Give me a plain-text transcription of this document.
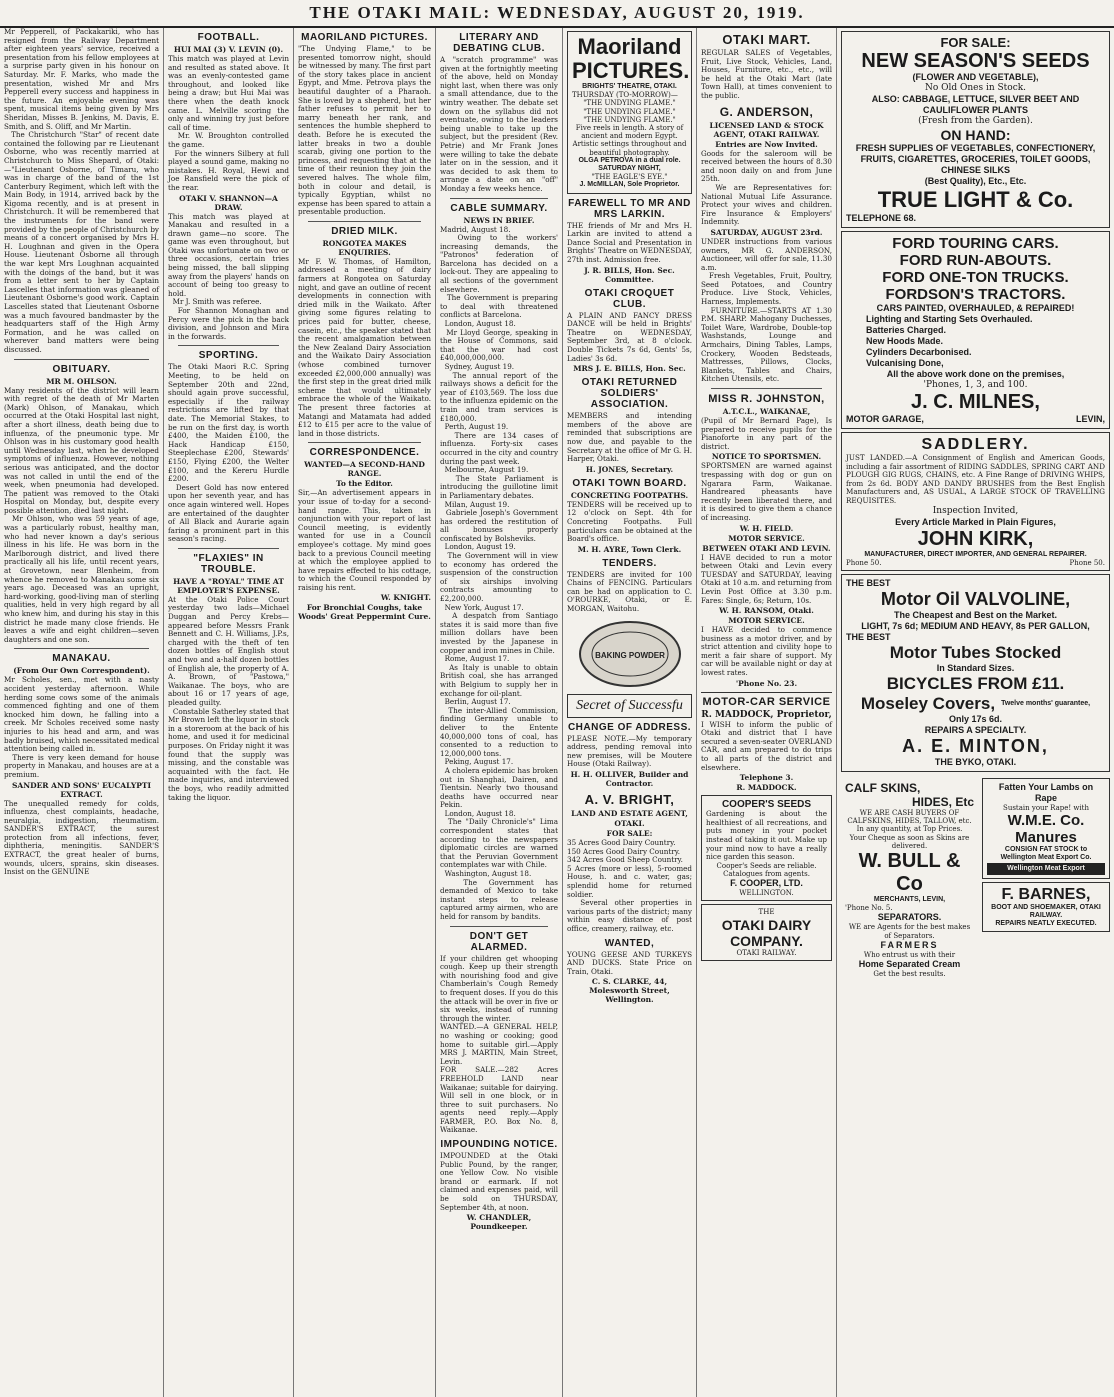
THE OTAKI MAIL: WEDNESDAY, AUGUST 20, 1919.

Mr Pepperell, of Packakariki, who has resigned from the Railway Department after eighteen years' service, received a presentation from his fellow employees at a surprise party given in his honour on Saturday. Mr. F. Marks, who made the presentation, wished Mr and Mrs Pepperell every success and happiness in the future. An enjoyable evening was spent, musical items being given by Mrs Sheridan, Misses B. Jenkins, M. Davis, E. Smith, and S. Oliff, and Mr Martin.
The Christchurch "Star" of recent date contained the following par re Lieutenant Osborne, who was recently married at Christchurch to Miss Shepard, of Otaki:—"Lieutenant Osborne, of Timaru, who was in charge of the band of the 1st Canterbury Regiment, which left with the Main Body, in 1914, arrived back by the Kigoma recently, and is at present in Christchurch. It will be remembered that the instruments for the band were provided by the people of Christchurch by means of a concert organised by Mrs H. H. Loughnan and given in the Opera House. Lieutenant Osborne all through the war kept Mrs Loughnan acquainted with the doings of the band, but it was from a letter sent to her by Captain Lascelles that information was gleaned of Lieutenant Osborne's good work. Captain Lascelles stated that Lieutenant Osborne was a much favoured bandmaster by the headquarters staff of the High Army Formation, and he was called on wherever band matters were being discussed.

OBITUARY.
MR M. OHLSON.

Many residents of the district will learn with regret of the death of Mr Marten (Mark) Ohlson, of Manakau, which occurred at the Otaki Hospital last night, after a short illness, death being due to influenza, of the pneumonic type. Mr Ohlson was in his customary good health until Wednesday last, when he developed symptoms of influenza. However, nothing serious was anticipated, and the doctor was not called in until the end of the week, when pneumonia had developed. The patient was removed to the Otaki Hospital on Monday, but, despite every possible attention, died last night.
Mr Ohlson, who was 59 years of age, was a particularly robust, healthy man, who had never known a day's serious illness in his life. He was born in the Marlborough district, and lived there practically all his life, until recent years, at Grovetown, near Blenheim, from whence he removed to Manakau some six years ago. Deceased was an upright, hard-working, good-living man of sterling qualities, held in very high regard by all who knew him, and during his stay in this district he made many close friends. He leaves a wife and eight children—seven daughters and one son.

MANAKAU.
(From Our Own Correspondent).

Mr Scholes, sen., met with a nasty accident yesterday afternoon. While herding some cows some of the animals commenced fighting and one of them knocked him down, he falling into a creek. Mr Scholes received some nasty injuries to his head and arm, and was badly bruised, which necessitated medical attention being called in.
There is very keen demand for house property in Manakau, and houses are at a premium.

SANDER AND SONS' EUCALYPTI EXTRACT.

The unequalled remedy for colds, influenza, chest complaints, headache, neuralgia, indigestion, rheumatism. SANDER'S EXTRACT, the surest protection from all infections, fever, diphtheria, meningitis. SANDER'S EXTRACT, the great healer of burns, wounds, ulcers, sprains, skin diseases. Insist on the GENUINE

FOOTBALL.
HUI MAI (3) V. LEVIN (0).

This match was played at Levin and resulted as stated above. It was an evenly-contested game throughout, and looked like being a draw; but Hui Mai was there when the death knock came. L. Melville scoring the only and winning try just before call of time.
Mr. W. Broughton controlled the game.
For the winners Silbery at full played a sound game, making no mistakes. H. Royal, Hewi and Joe Ransfield were the pick of the rear.

OTAKI V. SHANNON—A DRAW.

This match was played at Manakau and resulted in a drawn game—no score. The game was even throughout, but Otaki was unfortunate on two or three occasions, certain tries being missed, the ball slipping away from the players' hands on account of being too greasy to hold.
Mr J. Smith was referee.
For Shannon Monaghan and Percy were the pick in the back division, and Johnson and Mira in the forwards.

SPORTING.

The Otaki Maori R.C. Spring Meeting, to be held on September 20th and 22nd, should again prove successful, especially if the railway restrictions are lifted by that date. The Memorial Stakes, to be run on the first day, is worth £400, the Maiden £100, the Hack Handicap £150, Steeplechase £200, Stewards' £150, Flying £200, the Welter £100, and the Kereru Hurdle £200.
Desert Gold has now entered upon her seventh year, and has once again wintered well. Hopes are entertained of the daughter of All Black and Aurarie again faring a prominent part in this season's racing.

"FLAXIES" IN TROUBLE.
HAVE A "ROYAL" TIME AT EMPLOYER'S EXPENSE.

At the Otaki Police Court yesterday two lads—Michael Duggan and Percy Krebs—appeared before Messrs Frank Bennett and C. H. Williams, J.P.s, charged with the theft of ten dozen bottles of English stout and two and a-half dozen bottles of English ale, the property of A. A. Brown, of "Pastowa," Waikanae. The boys, who are about 16 or 17 years of age, pleaded guilty.
Constable Satherley stated that Mr Brown left the liquor in stock in a storeroom at the back of his home, and used it for medicinal purposes. On Friday night it was found that the supply was missing, and the constable was acquainted with the fact. He made inquiries, and interviewed the boys, who readily admitted taking the liquor.

MAORILAND PICTURES.

"The Undying Flame," to be presented tomorrow night, should be witnessed by many. The first part of the story takes place in ancient Egypt, and Mme. Petrova plays the beautiful daughter of a Pharaoh. She is loved by a shepherd, but her father refuses to permit her to marry beneath her rank, and sentences the humble shepherd to death. Before he is executed the latter breaks in two a double scarab, giving one portion to the princess, and requesting that at the time of their reunion they join the severed halves. The whole film, both in colour and detail, is typically Egyptian, whilst no expense has been spared to attain a presentable production.

DRIED MILK.
RONGOTEA MAKES ENQUIRIES.

Mr F. W. Thomas, of Hamilton, addressed a meeting of dairy farmers at Rongotea on Saturday night, and gave an outline of recent developments in connection with dried milk in the Waikato. After giving some figures relating to prices paid for butter, cheese, casein, etc., the speaker stated that the recent amalgamation between the New Zealand Dairy Association and the Waikato Dairy Association (whose combined turnover exceeded £2,000,000 annually) was the first step in the great dried milk scheme that would ultimately embrace the whole of the Waikato. The present three factories at Matangi and Matamata had added £12 to £15 per acre to the value of land in those districts.

CORRESPONDENCE.
WANTED—A SECOND-HAND RANGE.
To the Editor.

Sir,—An advertisement appears in your issue of to-day for a second-hand range. This, taken in conjunction with your report of last Council meeting, is evidently wanted for use in a Council employee's cottage. My mind goes back to a previous Council meeting at which the employee applied to have repairs effected to his cottage, to which the Council responded by raising his rent.

W. KNIGHT.
For Bronchial Coughs, take Woods' Great Peppermint Cure.
LITERARY AND DEBATING CLUB.

A "scratch programme" was given at the fortnightly meeting of the above, held on Monday night last, when there was only a small attendance, due to the wintry weather. The debate set down on the syllabus did not eventuate, owing to the leaders being unable to take up the subject, but the president (Rev. Petrie) and Mr Frank Jones were willing to take the debate later on in the session, and it was decided to ask them to arrange a date on an "off" Monday a few weeks hence.

CABLE SUMMARY.
NEWS IN BRIEF.

Madrid, August 18.
Owing to the workers' increasing demands, the "Patronos" federation of Barcelona has decided on a lock-out. They are appealing to all sections of the government elsewhere.
The Government is preparing to deal with threatened conflicts at Barcelona.
London, August 18.
Mr Lloyd George, speaking in the House of Commons, said that the war had cost £40,000,000,000.
Sydney, August 19.
The annual report of the railways shows a deficit for the year of £103,569. The loss due to the influenza epidemic on the train and tram services is £180,000.
Perth, August 19.
There are 134 cases of influenza. Forty-six cases occurred in the city and country during the past week.
Melbourne, August 19.
The State Parliament is introducing the guillotine limit in Parliamentary debates.
Milan, August 19.
Gabriele Joseph's Government has ordered the restitution of all bonuses properly confiscated by Bolsheviks.
London, August 19.
The Government will in view to economy has ordered the suspension of the construction of six airships involving contracts amounting to £2,200,000.
New York, August 17.
A despatch from Santiago states it is said more than five million dollars have been invested by the Japanese in copper and iron mines in Chile.
Rome, August 17.
As Italy is unable to obtain British coal, she has arranged with Belgium to supply her in exchange for oil-plant.
Berlin, August 17.
The inter-Allied Commission, finding Germany unable to deliver to the Entente 40,000,000 tons of coal, has consented to a reduction to 12,000,000 tons.
Peking, August 17.
A cholera epidemic has broken out in Shanghai, Dairen, and Tientsin. Nearly two thousand deaths have occurred near Pekin.
London, August 18.
The "Daily Chronicle's" Lima correspondent states that according to the newspapers diplomatic circles are warned that the Peruvian Government contemplates war with Chile.
Washington, August 18.
The Government has demanded of Mexico to take instant steps to release captured army airmen, who are held for ransom by bandits.

DON'T GET ALARMED.

If your children get whooping cough. Keep up their strength with nourishing food and give Chamberlain's Cough Remedy to frequent doses. If you do this the attack will be over in five or six weeks, instead of running through the winter.

WANTED.—A GENERAL HELP, no washing or cooking; good home to suitable girl.—Apply MRS J. MARTIN, Main Street, Levin.

FOR SALE.—282 Acres FREEHOLD LAND near Waikanae; suitable for dairying. Will sell in one block, or in three to suit purchasers. No agents need reply.—Apply FARMER, P.O. Box No. 8, Waikanae.

IMPOUNDING NOTICE.

IMPOUNDED at the Otaki Public Pound, by the ranger, one Yellow Cow. No visible brand or earmark. If not claimed and expenses paid, will be sold on THURSDAY, September 4th, at noon.

W. CHANDLER, Poundkeeper.
Maoriland
PICTURES.
BRIGHTS' THEATRE, OTAKI.
THURSDAY (TO-MORROW)—
"THE UNDYING FLAME."
"THE UNDYING FLAME."
"THE UNDYING FLAME."
Five reels in length. A story of ancient and modern Egypt. Artistic settings throughout and beautiful photography.
OLGA PETROVA in a dual role.
SATURDAY NIGHT,
"THE EAGLE'S EYE."
J. McMILLAN, Sole Proprietor.
FAREWELL TO MR AND MRS LARKIN.

THE friends of Mr and Mrs H. Larkin are invited to attend a Dance Social and Presentation in Brights' Theatre on WEDNESDAY, 27th inst. Admission free.

J. R. BILLS, Hon. Sec. Committee.
OTAKI CROQUET CLUB.

A PLAIN AND FANCY DRESS DANCE will be held in Brights' Theatre on WEDNESDAY, September 3rd, at 8 o'clock. Double Tickets 7s 6d, Gents' 5s, Ladies' 3s 6d.

MRS J. E. BILLS, Hon. Sec.
OTAKI RETURNED SOLDIERS' ASSOCIATION.

MEMBERS and intending members of the above are reminded that subscriptions are now due, and payable to the Secretary at the office of Mr G. H. Harper, Otaki.

H. JONES, Secretary.
OTAKI TOWN BOARD.
CONCRETING FOOTPATHS.

TENDERS will be received up to 12 o'clock on Sept. 4th for Concreting Footpaths. Full particulars can be obtained at the Board's office.

M. H. AYRE, Town Clerk.
TENDERS.

TENDERS are invited for 100 Chains of FENCING. Particulars can be had on application to C. O'ROURKE, Otaki, or E. MORGAN, Waitohu.

BAKING POWDER
Secret of Successfu
CHANGE OF ADDRESS.

PLEASE NOTE.—My temporary address, pending removal into new premises, will be Moutere House (Otaki Railway).

H. H. OLLIVER, Builder and Contractor.
A. V. BRIGHT,
LAND AND ESTATE AGENT,
OTAKI.
FOR SALE:

35 Acres Good Dairy Country.
150 Acres Good Dairy Country.
342 Acres Good Sheep Country.
5 Acres (more or less), 5-roomed House, h. and c. water, gas; splendid home for returned soldier.
Several other properties in various parts of the district; many within easy distance of post office, creamery, railway, etc.

WANTED,

YOUNG GEESE AND TURKEYS AND DUCKS. State Price on Train, Otaki.

C. S. CLARKE, 44, Molesworth Street, Wellington.
OTAKI MART.

REGULAR SALES of Vegetables, Fruit, Live Stock, Vehicles, Land, Houses, Furniture, etc., etc., will be held at the Otaki Mart (late Town Hall), at times convenient to the public.

G. ANDERSON,
LICENSED LAND & STOCK AGENT, OTAKI RAILWAY.
Entries are Now Invited.

Goods for the saleroom will be received between the hours of 8.30 and noon daily on and from June 25th.
We are Representatives for: National Mutual Life Assurance. Protect your wives and children. Fire Insurance & Employers' Indemnity.

SATURDAY, AUGUST 23rd.

UNDER instructions from various owners, MR G. ANDERSON, Auctioneer, will offer for sale, 11.30 a.m.
Fresh Vegetables, Fruit, Poultry, Seed Potatoes, and Country Produce. Live Stock, Vehicles, Harness, Implements.
FURNITURE.—STARTS AT 1.30 P.M. SHARP. Mahogany Duchesses, Toilet Ware, Wardrobe, Double-top Washstands, Lounge and Armchairs, Dining Tables, Lamps, Crockery, Wooden Bedsteads, Mattresses, Pillows, Clocks, Blankets, Tables and Chairs, Kitchen Utensils, etc.

MISS R. JOHNSTON,
A.T.C.L., WAIKANAE,

(Pupil of Mr Bernard Page), Is prepared to receive pupils for the Pianoforte in any part of the district.

NOTICE TO SPORTSMEN.

SPORTSMEN are warned against trespassing with dog or gun on Ngarara Farm, Waikanae. Handreared pheasants have recently been liberated there, and it is desired to give them a chance of increasing.

W. H. FIELD.
MOTOR SERVICE.
BETWEEN OTAKI AND LEVIN.

I HAVE decided to run a motor between Otaki and Levin every TUESDAY and SATURDAY, leaving Otaki at 10 a.m. and returning from Levin Post Office at 3.30 p.m. Fares: Single, 6s; Return, 10s.

W. H. RANSOM, Otaki.
MOTOR SERVICE.

I HAVE decided to commence business as a motor driver, and by strict attention and civility hope to merit a fair share of support. My car will be available night or day at lowest rates.

'Phone No. 23.
MOTOR-CAR SERVICE
R. MADDOCK, Proprietor,

I WISH to inform the public of Otaki and district that I have secured a seven-seater OVERLAND CAR, and am prepared to do trips to all parts of the district and elsewhere.

Telephone 3.
R. MADDOCK.
COOPER'S SEEDS

Gardening is about the healthiest of all recreations, and puts money in your pocket instead of taking it out. Make up your mind now to have a really nice garden this season.

Cooper's Seeds are reliable. Catalogues from agents.
F. COOPER, LTD.
WELLINGTON.
THE
OTAKI DAIRY
COMPANY.
OTAKI RAILWAY.
FOR SALE:
NEW SEASON'S SEEDS
(FLOWER AND VEGETABLE),
No Old Ones in Stock.
ALSO: CABBAGE, LETTUCE, SILVER BEET AND CAULIFLOWER PLANTS
(Fresh from the Garden).
ON HAND:
FRESH SUPPLIES OF VEGETABLES, CONFECTIONERY, FRUITS, CIGARETTES, GROCERIES, TOILET GOODS, CHINESE SILKS
(Best Quality), Etc., Etc.
TRUE LIGHT & Co.
TELEPHONE 68.
FORD TOURING CARS.
FORD RUN-ABOUTS.
FORD ONE-TON TRUCKS.
FORDSON'S TRACTORS.
CARS PAINTED, OVERHAULED, & REPAIRED!
Lighting and Starting Sets Overhauled.
Batteries Charged.
New Hoods Made.
Cylinders Decarbonised.
Vulcanising Done,
All the above work done on the premises,
'Phones, 1, 3, and 100.
J. C. MILNES,
MOTOR GARAGE,	LEVIN,
SADDLERY.

JUST LANDED.—A Consignment of English and American Goods, including a fair assortment of RIDING SADDLES, SPRING CART AND PLOUGH GIG RUGS, CHAINS, etc. A Fine Range of DRIVING WHIPS, from 2s 6d. BODY AND DANDY BRUSHES from the Best English Manufacturers and, AS USUAL, A LARGE STOCK OF TRAVELLING REQUISITES.

Inspection Invited,
Every Article Marked in Plain Figures,
JOHN KIRK,
MANUFACTURER, DIRECT IMPORTER, AND GENERAL REPAIRER.
Phone 50.	Phone 50.
THE BEST
Motor Oil VALVOLINE,
The Cheapest and Best on the Market.
LIGHT, 7s 6d; MEDIUM AND HEAVY, 8s PER GALLON,
THE BEST
Motor Tubes Stocked
In Standard Sizes.
BICYCLES FROM £11.
Moseley Covers, Twelve months' guarantee,
Only 17s 6d.
REPAIRS A SPECIALTY.
A. E. MINTON,
THE BYKO, OTAKI.
CALF SKINS,
HIDES, Etc
WE ARE CASH BUYERS OF CALFSKINS, HIDES, TALLOW, etc. In any quantity, at Top Prices.
Your Cheque as soon as Skins are delivered.
W. BULL & Co
MERCHANTS, LEVIN,
'Phone No. 5.
SEPARATORS.
WE are Agents for the best makes of Separators.
FARMERS
Who entrust us with their
Home Separated Cream
Get the best results.
Fatten Your Lambs on Rape
Sustain your Rape! with
W.M.E. Co. Manures
CONSIGN FAT STOCK to Wellington Meat Export Co.
Wellington Meat Export
F. BARNES,
BOOT AND SHOEMAKER, OTAKI RAILWAY.
REPAIRS NEATLY EXECUTED.
